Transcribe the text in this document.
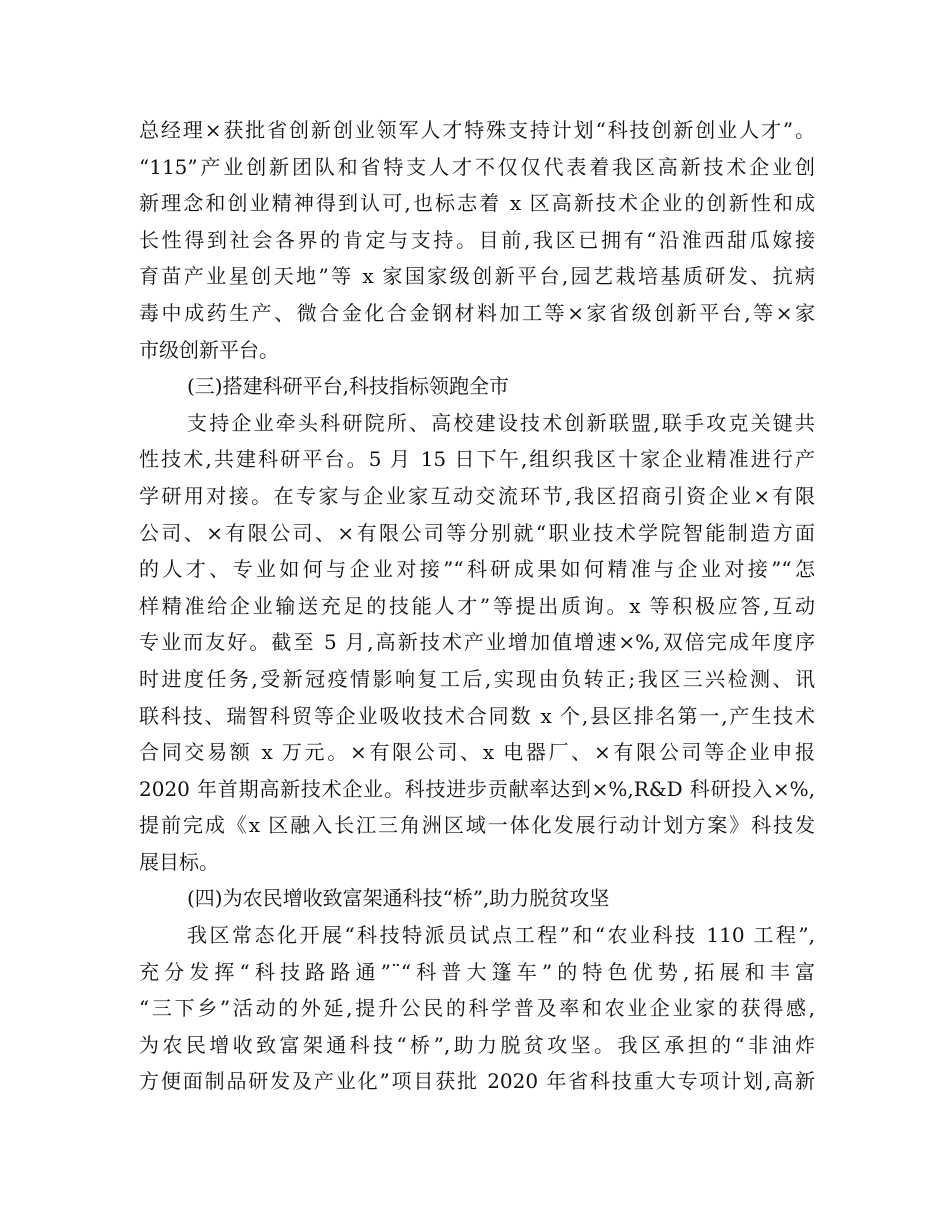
总经理×获批省创新创业领军人才特殊支持计划“科技创新创业人才”。
“115”产业创新团队和省特支人才不仅仅代表着我区高新技术企业创
新理念和创业精神得到认可,也标志着 x 区高新技术企业的创新性和成
长性得到社会各界的肯定与支持。目前,我区已拥有“沿淮西甜瓜嫁接
育苗产业星创天地”等 x 家国家级创新平台,园艺栽培基质研发、抗病
毒中成药生产、微合金化合金钢材料加工等×家省级创新平台,等×家
市级创新平台。
(三)搭建科研平台,科技指标领跑全市
支持企业牵头科研院所、高校建设技术创新联盟,联手攻克关键共
性技术,共建科研平台。5 月 15 日下午,组织我区十家企业精准进行产
学研用对接。在专家与企业家互动交流环节,我区招商引资企业×有限
公司、×有限公司、×有限公司等分别就“职业技术学院智能制造方面
的人才、专业如何与企业对接”“科研成果如何精准与企业对接”“怎
样精准给企业输送充足的技能人才”等提出质询。x 等积极应答,互动
专业而友好。截至 5 月,高新技术产业增加值增速×%,双倍完成年度序
时进度任务,受新冠疫情影响复工后,实现由负转正;我区三兴检测、讯
联科技、瑞智科贸等企业吸收技术合同数 x 个,县区排名第一,产生技术
合同交易额 x 万元。×有限公司、x 电器厂、×有限公司等企业申报
2020 年首期高新技术企业。科技进步贡献率达到×%,R&D 科研投入×%,
提前完成《x 区融入长江三角洲区域一体化发展行动计划方案》科技发
展目标。
(四)为农民增收致富架通科技“桥”,助力脱贫攻坚
我区常态化开展“科技特派员试点工程”和“农业科技 110 工程”,
充分发挥“科技路路通”¨“科普大篷车”的特色优势,拓展和丰富
“三下乡”活动的外延,提升公民的科学普及率和农业企业家的获得感,
为农民增收致富架通科技“桥”,助力脱贫攻坚。我区承担的“非油炸
方便面制品研发及产业化”项目获批 2020 年省科技重大专项计划,高新
